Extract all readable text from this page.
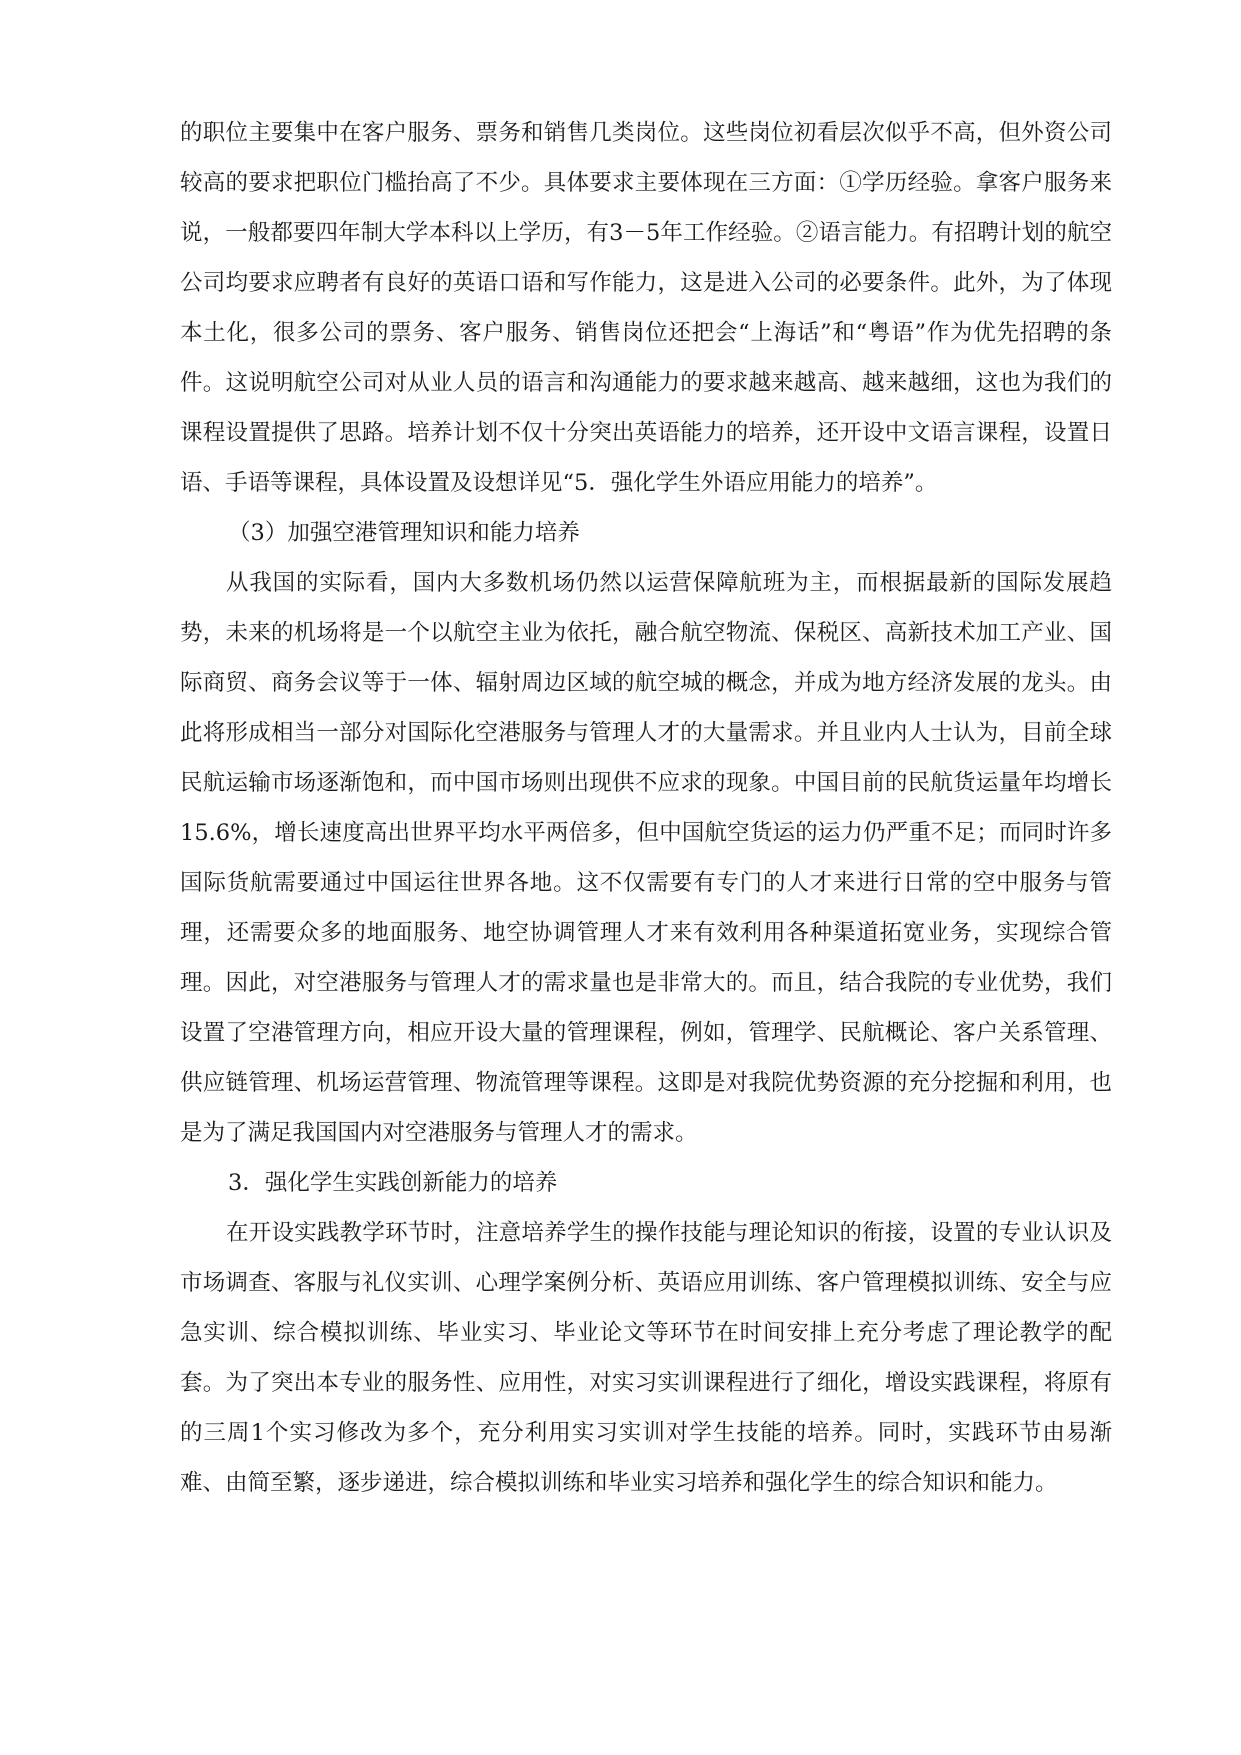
的职位主要集中在客户服务、票务和销售几类岗位。这些岗位初看层次似乎不高，但外资公司较高的要求把职位门槛抬高了不少。具体要求主要体现在三方面：①学历经验。拿客户服务来说，一般都要四年制大学本科以上学历，有3－5年工作经验。②语言能力。有招聘计划的航空公司均要求应聘者有良好的英语口语和写作能力，这是进入公司的必要条件。此外，为了体现本土化，很多公司的票务、客户服务、销售岗位还把会“上海话”和“粤语”作为优先招聘的条件。这说明航空公司对从业人员的语言和沟通能力的要求越来越高、越来越细，这也为我们的课程设置提供了思路。培养计划不仅十分突出英语能力的培养，还开设中文语言课程，设置日语、手语等课程，具体设置及设想详见“5．强化学生外语应用能力的培养”。

（3）加强空港管理知识和能力培养

从我国的实际看，国内大多数机场仍然以运营保障航班为主，而根据最新的国际发展趋势，未来的机场将是一个以航空主业为依托，融合航空物流、保税区、高新技术加工产业、国际商贸、商务会议等于一体、辐射周边区域的航空城的概念，并成为地方经济发展的龙头。由此将形成相当一部分对国际化空港服务与管理人才的大量需求。并且业内人士认为，目前全球民航运输市场逐渐饱和，而中国市场则出现供不应求的现象。中国目前的民航货运量年均增长15.6%，增长速度高出世界平均水平两倍多，但中国航空货运的运力仍严重不足；而同时许多国际货航需要通过中国运往世界各地。这不仅需要有专门的人才来进行日常的空中服务与管理，还需要众多的地面服务、地空协调管理人才来有效利用各种渠道拓宽业务，实现综合管理。因此，对空港服务与管理人才的需求量也是非常大的。而且，结合我院的专业优势，我们设置了空港管理方向，相应开设大量的管理课程，例如，管理学、民航概论、客户关系管理、供应链管理、机场运营管理、物流管理等课程。这即是对我院优势资源的充分挖掘和利用，也是为了满足我国国内对空港服务与管理人才的需求。

3．强化学生实践创新能力的培养

在开设实践教学环节时，注意培养学生的操作技能与理论知识的衔接，设置的专业认识及市场调查、客服与礼仪实训、心理学案例分析、英语应用训练、客户管理模拟训练、安全与应急实训、综合模拟训练、毕业实习、毕业论文等环节在时间安排上充分考虑了理论教学的配套。为了突出本专业的服务性、应用性，对实习实训课程进行了细化，增设实践课程，将原有的三周1个实习修改为多个，充分利用实习实训对学生技能的培养。同时，实践环节由易渐难、由简至繁，逐步递进，综合模拟训练和毕业实习培养和强化学生的综合知识和能力。
